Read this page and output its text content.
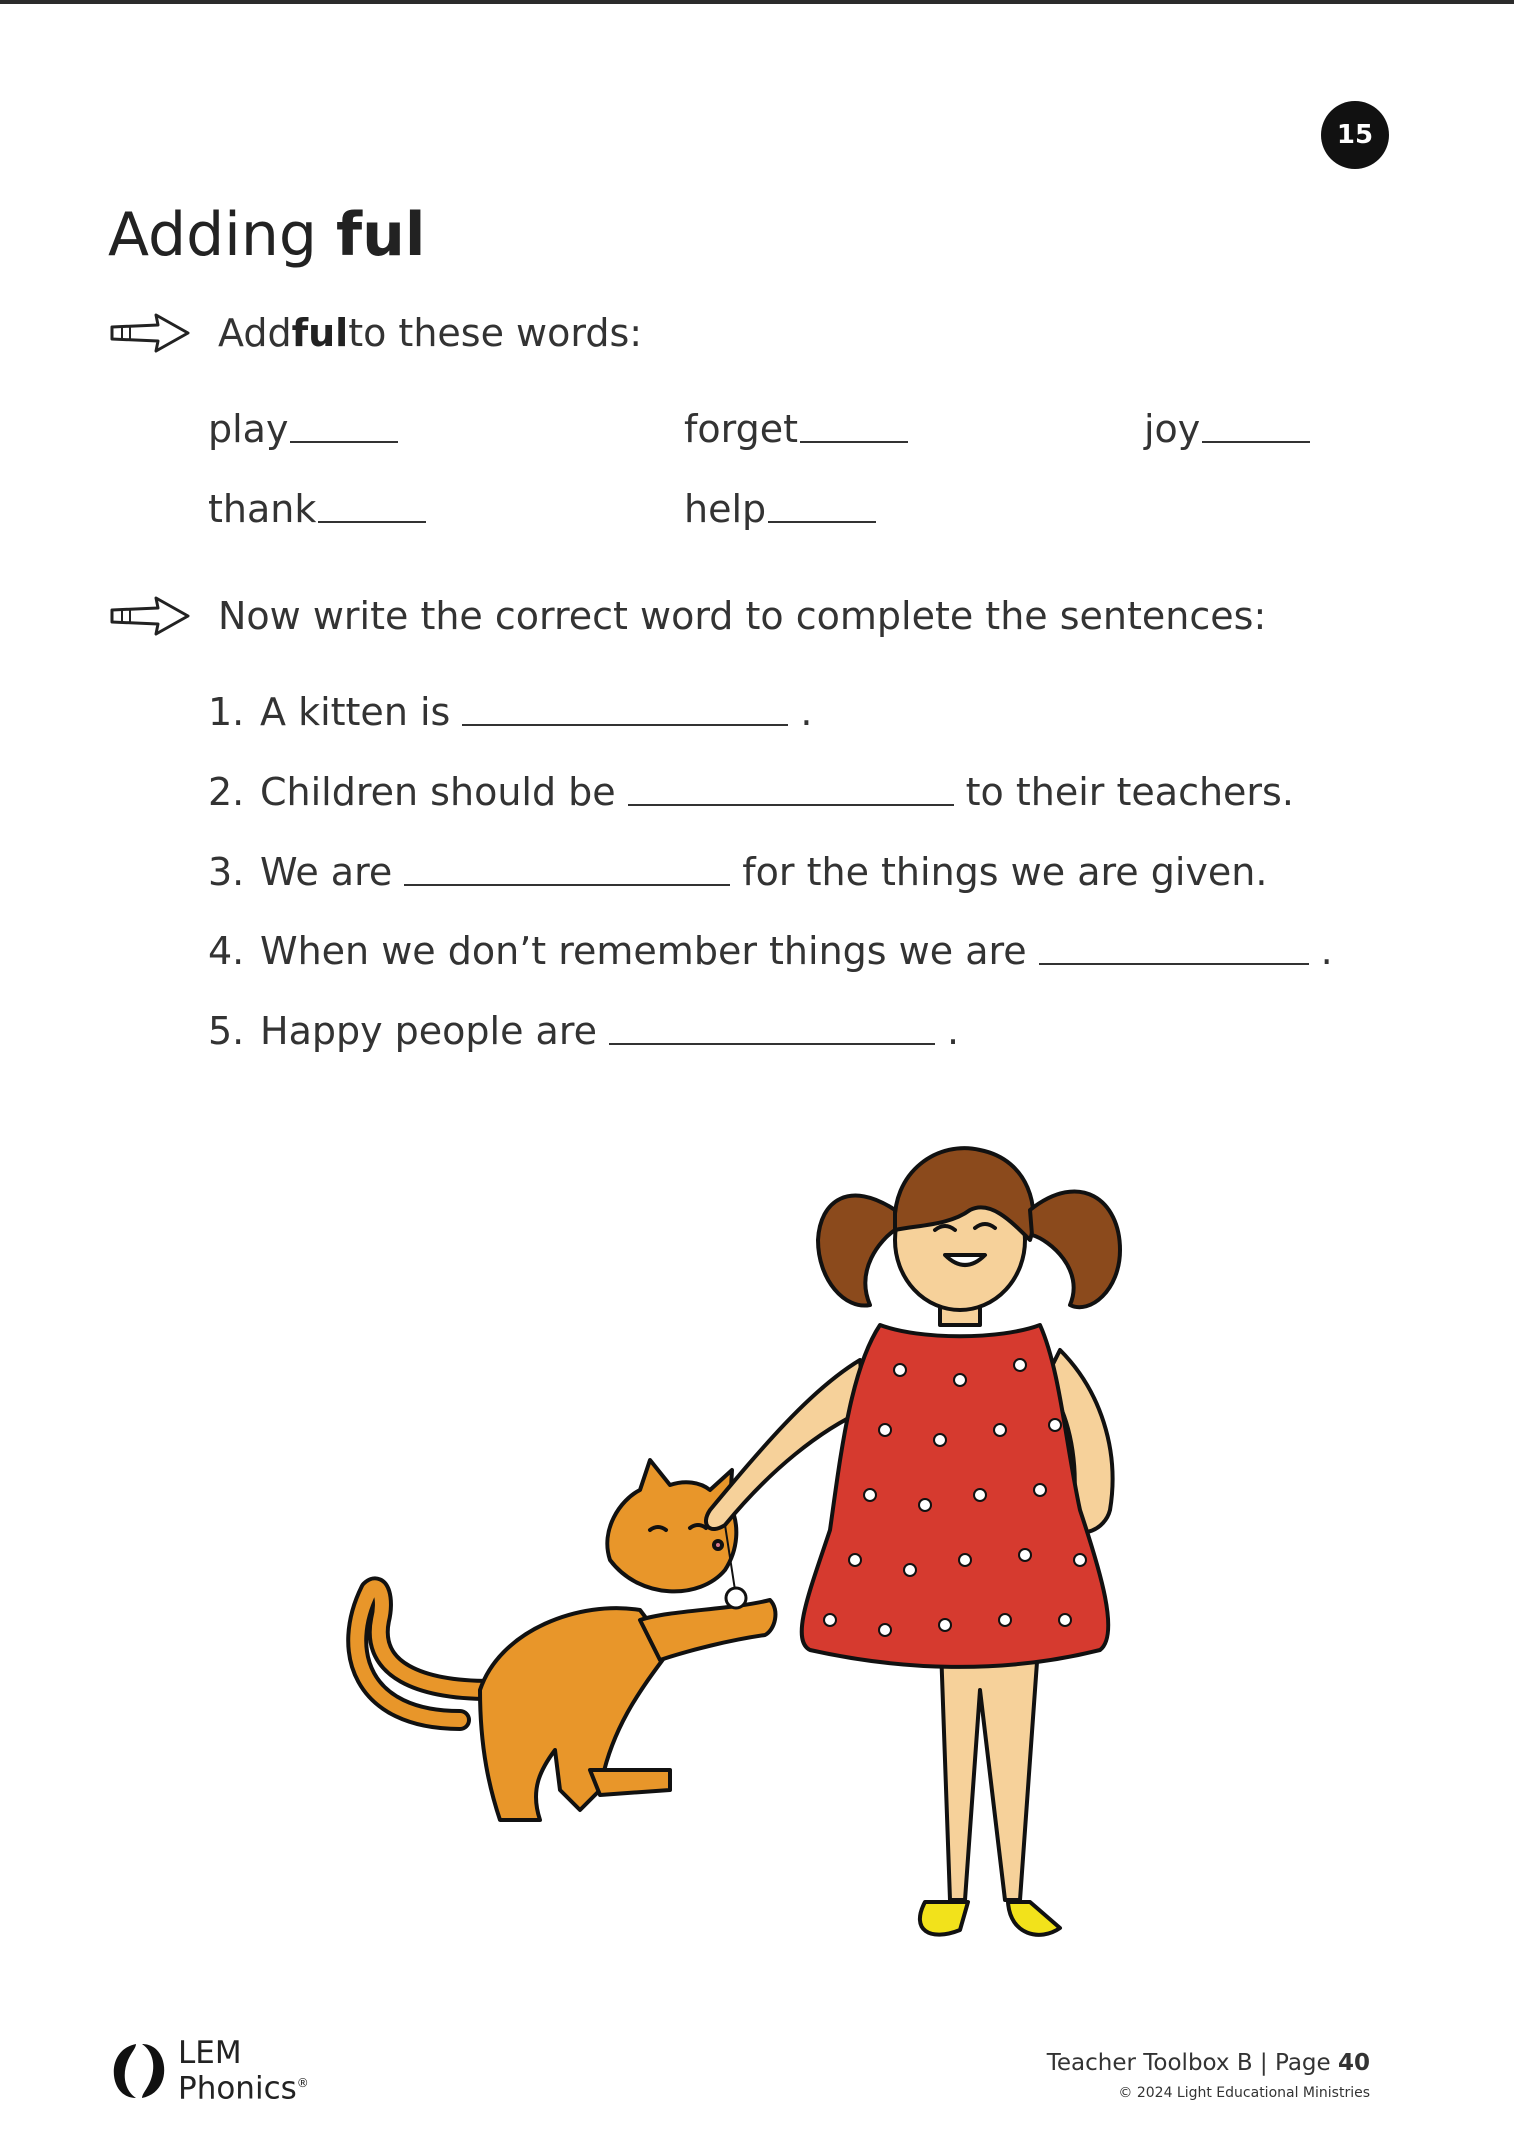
15
Adding ful
Add ful to these words:
play	forget	joy
thank	help
Now write the correct word to complete the sentences:
1. A kitten is	.
2. Children should be	to their teachers.
3. We are	for the things we are given.
4. When we don’t remember things we are	.
5. Happy people are	.
LEM
Phonics®
Teacher Toolbox B | Page 40
© 2024 Light Educational Ministries
